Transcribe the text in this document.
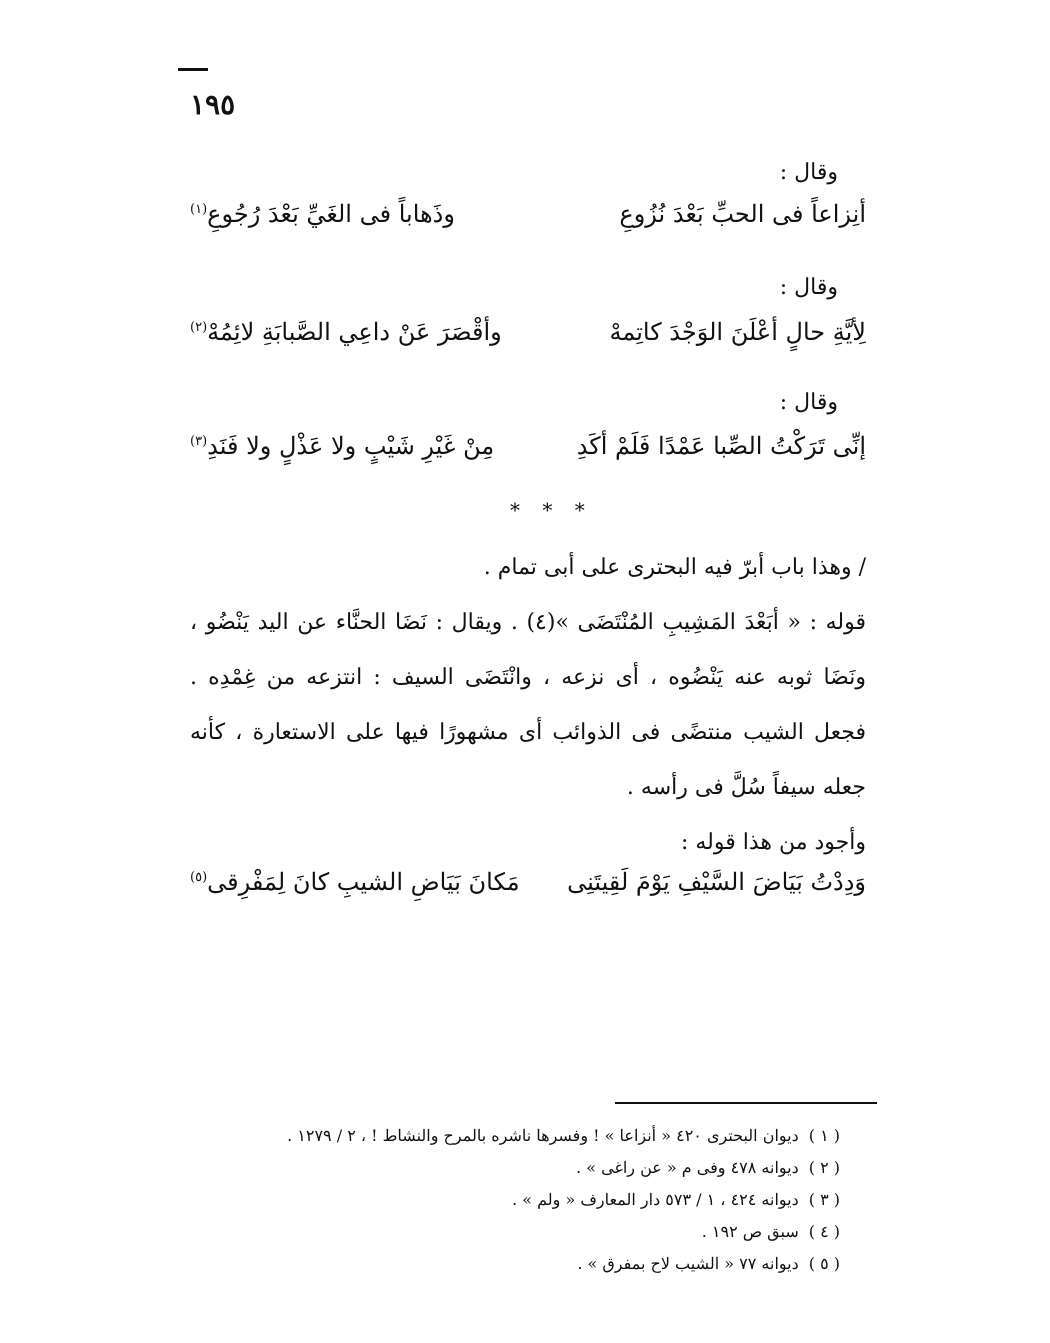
١٩٥
وقال :
أنِزاعاً فى الحبِّ بَعْدَ نُزُوعِ
وذَهاباً فى الغَيِّ بَعْدَ رُجُوعِ$^{(١)}$
وقال :
لِأيَّةِ حالٍ أعْلَنَ الوَجْدَ كاتِمهْ
وأقْصَرَ عَنْ داعِي الصَّبابَةِ لائِمُهْ$^{(٢)}$
وقال :
إنِّى تَرَكْتُ الصِّبا عَمْدًا فَلَمْ أكَدِ
مِنْ غَيْرِ شَيْبٍ ولا عَذْلٍ ولا فَنَدِ$^{(٣)}$
* * *
/ وهذا باب أبرّ فيه البحترى على أبى تمام .
قوله : « أبَعْدَ المَشِيبِ المُنْتَضَى »(٤) . ويقال : نَضَا الحنَّاء عن اليد يَنْضُو ، ونَضَا ثوبه عنه يَنْضُوه ، أى نزعه ، وانْتَضَى السيف : انتزعه من غِمْدِه . فجعل الشيب منتضًى فى الذوائب أى مشهورًا فيها على الاستعارة ، كأنه جعله سيفاً سُلَّ فى رأسه .
وأجود من هذا قوله :
وَدِدْتُ بَيَاضَ السَّيْفِ يَوْمَ لَقِيتَنِى
مَكانَ بَيَاضِ الشيبِ كانَ لِمَفْرِقى$^{(٥)}$
( ١ )ديوان البحترى ٤٢٠ « أنزاعا » ! وفسرها ناشره بالمرح والنشاط ! ، ٢ / ١٢٧٩ .
( ٢ )ديوانه ٤٧٨ وفى م « عن راغى » .
( ٣ )ديوانه ٤٢٤ ، ١ / ٥٧٣ دار المعارف « ولم » .
( ٤ )سبق ص ١٩٢ .
( ٥ )ديوانه ٧٧ « الشيب لاح بمفرق » .
